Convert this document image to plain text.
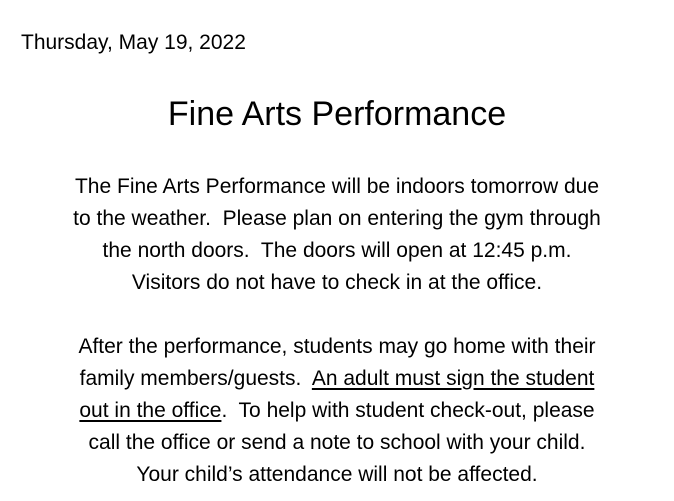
Thursday, May 19, 2022
Fine Arts Performance
The Fine Arts Performance will be indoors tomorrow due
to the weather.  Please plan on entering the gym through
the north doors.  The doors will open at 12:45 p.m.
Visitors do not have to check in at the office.
After the performance, students may go home with their
family members/guests.  An adult must sign the student
out in the office.  To help with student check-out, please
call the office or send a note to school with your child.
Your child’s attendance will not be affected.
